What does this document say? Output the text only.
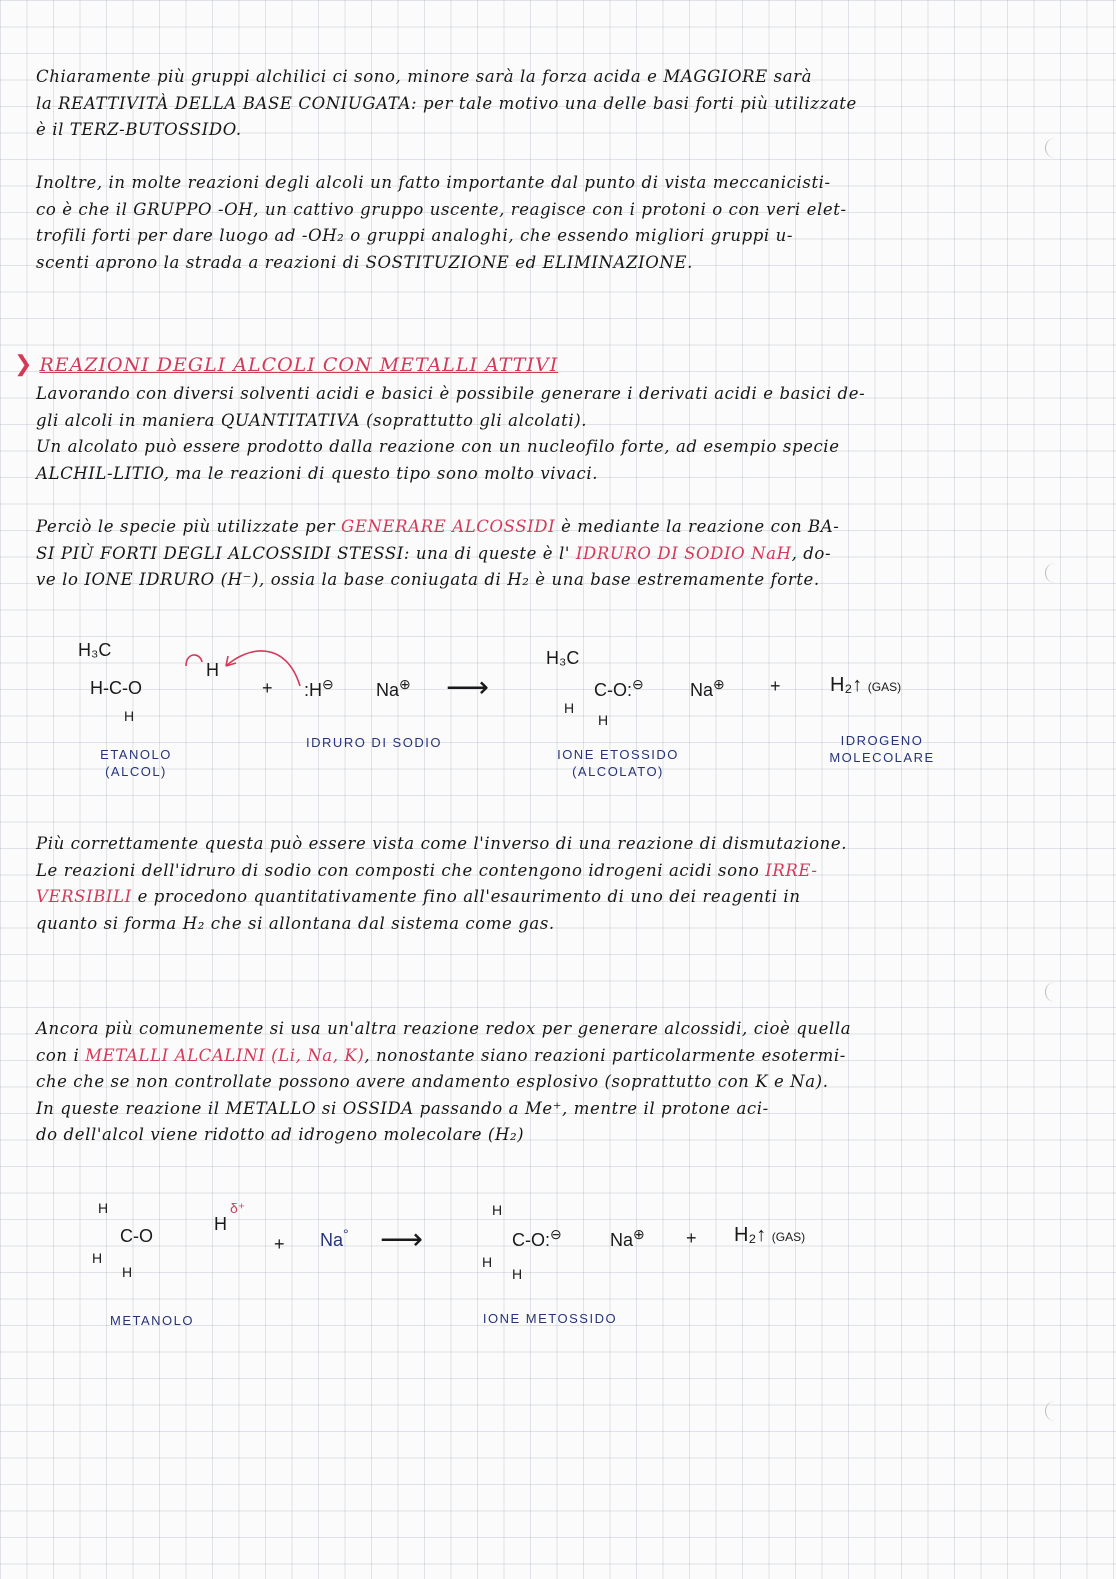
Chiaramente più gruppi alchilici ci sono, minore sarà la forza acida e MAGGIORE sarà
la REATTIVITÀ DELLA BASE CONIUGATA: per tale motivo una delle basi forti più utilizzate
è il TERZ-BUTOSSIDO.
Inoltre, in molte reazioni degli alcoli un fatto importante dal punto di vista meccanicisti-
co è che il GRUPPO -OH, un cattivo gruppo uscente, reagisce con i protoni o con veri elet-
trofili forti per dare luogo ad -OH₂ o gruppi analoghi, che essendo migliori gruppi u-
scenti aprono la strada a reazioni di SOSTITUZIONE ed ELIMINAZIONE.
❯ REAZIONI DEGLI ALCOLI CON METALLI ATTIVI
Lavorando con diversi solventi acidi e basici è possibile generare i derivati acidi e basici de-
gli alcoli in maniera QUANTITATIVA (soprattutto gli alcolati).
Un alcolato può essere prodotto dalla reazione con un nucleofilo forte, ad esempio specie
ALCHIL-LITIO, ma le reazioni di questo tipo sono molto vivaci.
Perciò le specie più utilizzate per GENERARE ALCOSSIDI è mediante la reazione con BA-
SI PIÙ FORTI DEGLI ALCOSSIDI STESSI: una di queste è l' IDRURO DI SODIO NaH, do-
ve lo IONE IDRURO (H⁻), ossia la base coniugata di H₂ è una base estremamente forte.
H₃C
H‑C‑O
H
H
+ :H⊖ Na⊕ ⟶
H₃C
C‑O:⊖
H
H
Na⊕	+ H₂↑ (GAS)
ETANOLO
(ALCOL)
IDRURO DI SODIO
IONE ETOSSIDO
(ALCOLATO)
IDROGENO
MOLECOLARE
Più correttamente questa può essere vista come l'inverso di una reazione di dismutazione.
Le reazioni dell'idruro di sodio con composti che contengono idrogeni acidi sono IRRE-
VERSIBILI e procedono quantitativamente fino all'esaurimento di uno dei reagenti in
quanto si forma H₂ che si allontana dal sistema come gas.
Ancora più comunemente si usa un'altra reazione redox per generare alcossidi, cioè quella
con i METALLI ALCALINI (Li, Na, K), nonostante siano reazioni particolarmente esotermi-
che che se non controllate possono avere andamento esplosivo (soprattutto con K e Na).
In queste reazione il METALLO si OSSIDA passando a Me⁺, mentre il protone aci-
do dell'alcol viene ridotto ad idrogeno molecolare (H₂)
H
C‑O
H
δ⁺
H
H
+ Na° ⟶
H
C‑O:⊖
H
H
Na⊕ + H₂↑ (GAS)
METANOLO	IONE METOSSIDO
